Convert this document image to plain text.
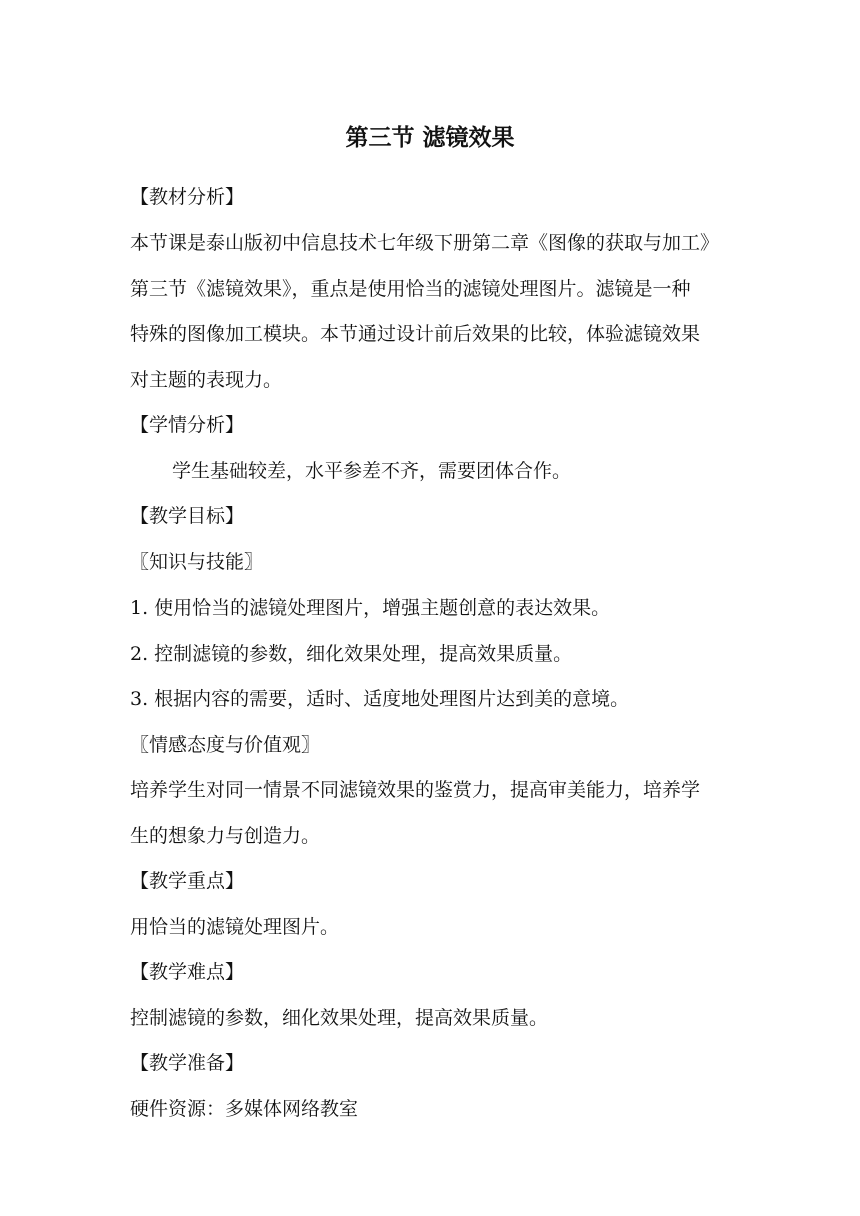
第三节 滤镜效果
【教材分析】
本节课是泰山版初中信息技术七年级下册第二章《图像的获取与加工》
第三节《滤镜效果》，重点是使用恰当的滤镜处理图片。滤镜是一种
特殊的图像加工模块。本节通过设计前后效果的比较，体验滤镜效果
对主题的表现力。
【学情分析】
学生基础较差，水平参差不齐，需要团体合作。
【教学目标】
〖知识与技能〗
1. 使用恰当的滤镜处理图片，增强主题创意的表达效果。
2. 控制滤镜的参数，细化效果处理，提高效果质量。
3. 根据内容的需要，适时、适度地处理图片达到美的意境。
〖情感态度与价值观〗
培养学生对同一情景不同滤镜效果的鉴赏力，提高审美能力，培养学
生的想象力与创造力。
【教学重点】
用恰当的滤镜处理图片。
【教学难点】
控制滤镜的参数，细化效果处理，提高效果质量。
【教学准备】
硬件资源：多媒体网络教室
